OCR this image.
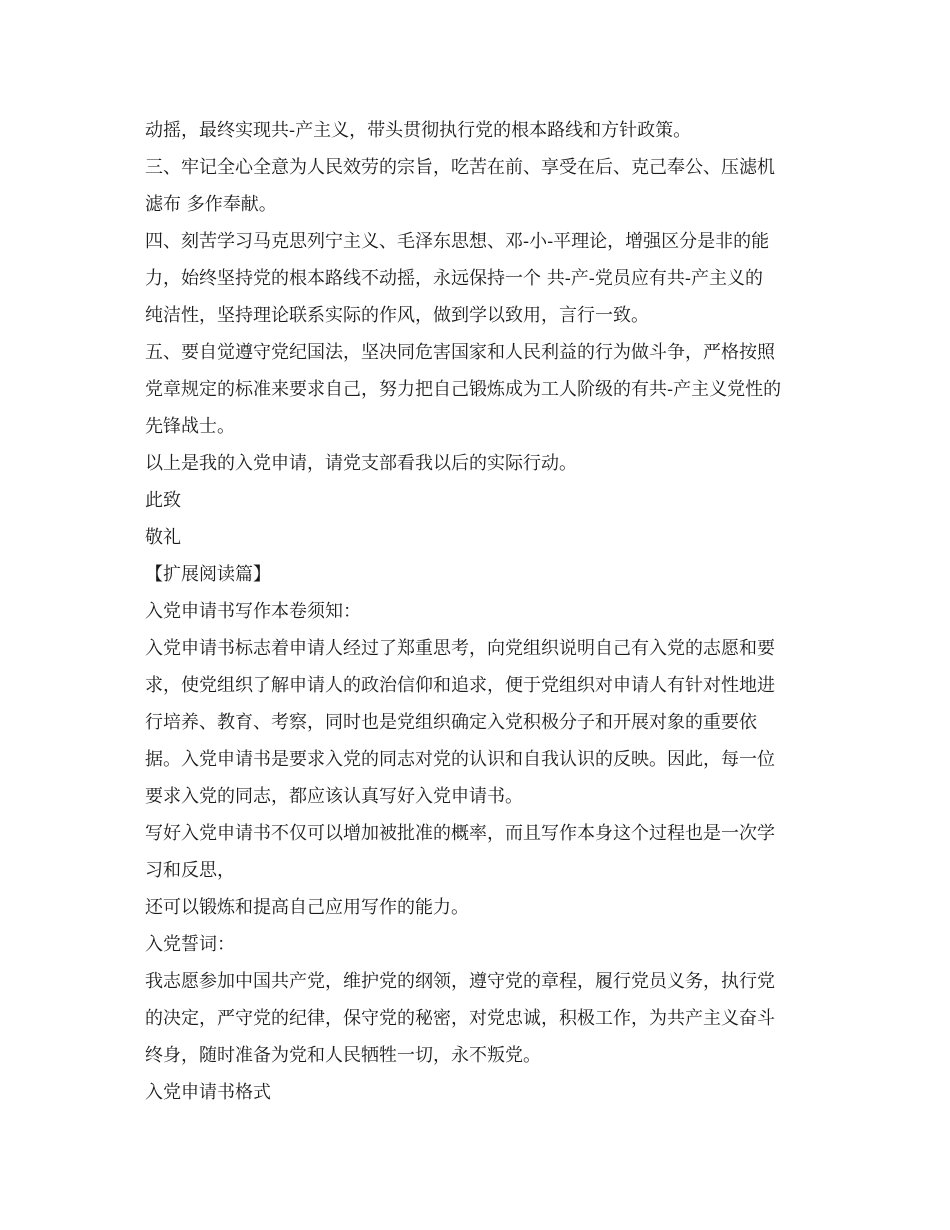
动摇，最终实现共-产主义，带头贯彻执行党的根本路线和方针政策。

三、牢记全心全意为人民效劳的宗旨，吃苦在前、享受在后、克己奉公、压滤机

滤布 多作奉献。

四、刻苦学习马克思列宁主义、毛泽东思想、邓-小-平理论，增强区分是非的能

力，始终坚持党的根本路线不动摇，永远保持一个 共-产-党员应有共-产主义的

纯洁性，坚持理论联系实际的作风，做到学以致用，言行一致。

五、要自觉遵守党纪国法，坚决同危害国家和人民利益的行为做斗争，严格按照

党章规定的标准来要求自己，努力把自己锻炼成为工人阶级的有共-产主义党性的

先锋战士。

以上是我的入党申请，请党支部看我以后的实际行动。

此致

敬礼

【扩展阅读篇】

入党申请书写作本卷须知：

入党申请书标志着申请人经过了郑重思考，向党组织说明自己有入党的志愿和要

求，使党组织了解申请人的政治信仰和追求，便于党组织对申请人有针对性地进

行培养、教育、考察，同时也是党组织确定入党积极分子和开展对象的重要依

据。入党申请书是要求入党的同志对党的认识和自我认识的反映。因此，每一位

要求入党的同志，都应该认真写好入党申请书。

写好入党申请书不仅可以增加被批准的概率，而且写作本身这个过程也是一次学

习和反思，

还可以锻炼和提高自己应用写作的能力。

入党誓词：

我志愿参加中国共产党，维护党的纲领，遵守党的章程，履行党员义务，执行党

的决定，严守党的纪律，保守党的秘密，对党忠诚，积极工作，为共产主义奋斗

终身，随时准备为党和人民牺牲一切，永不叛党。

入党申请书格式
